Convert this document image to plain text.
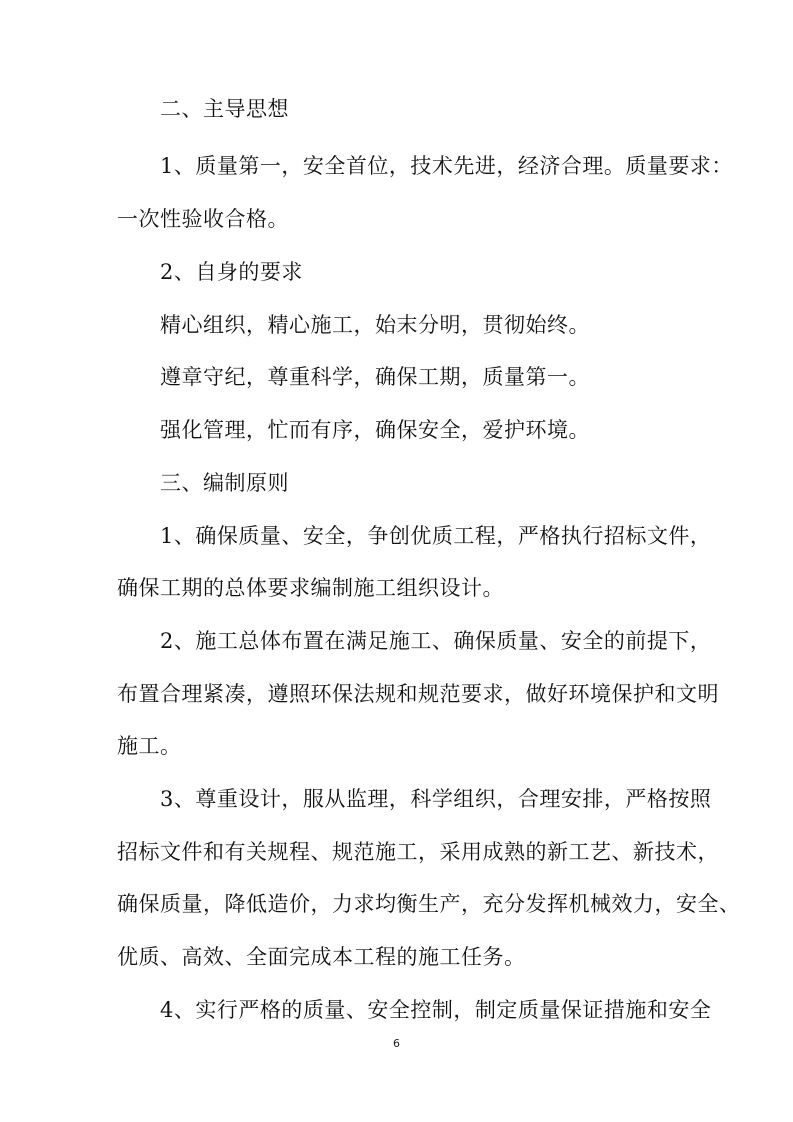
二、主导思想
1、质量第一，安全首位，技术先进，经济合理。质量要求：
一次性验收合格。
2、自身的要求
精心组织，精心施工，始末分明，贯彻始终。
遵章守纪，尊重科学，确保工期，质量第一。
强化管理，忙而有序，确保安全，爱护环境。
三、编制原则
1、确保质量、安全，争创优质工程，严格执行招标文件，
确保工期的总体要求编制施工组织设计。
2、施工总体布置在满足施工、确保质量、安全的前提下，
布置合理紧凑，遵照环保法规和规范要求，做好环境保护和文明
施工。
3、尊重设计，服从监理，科学组织，合理安排，严格按照
招标文件和有关规程、规范施工，采用成熟的新工艺、新技术，
确保质量，降低造价，力求均衡生产，充分发挥机械效力，安全、
优质、高效、全面完成本工程的施工任务。
4、实行严格的质量、安全控制，制定质量保证措施和安全
6
